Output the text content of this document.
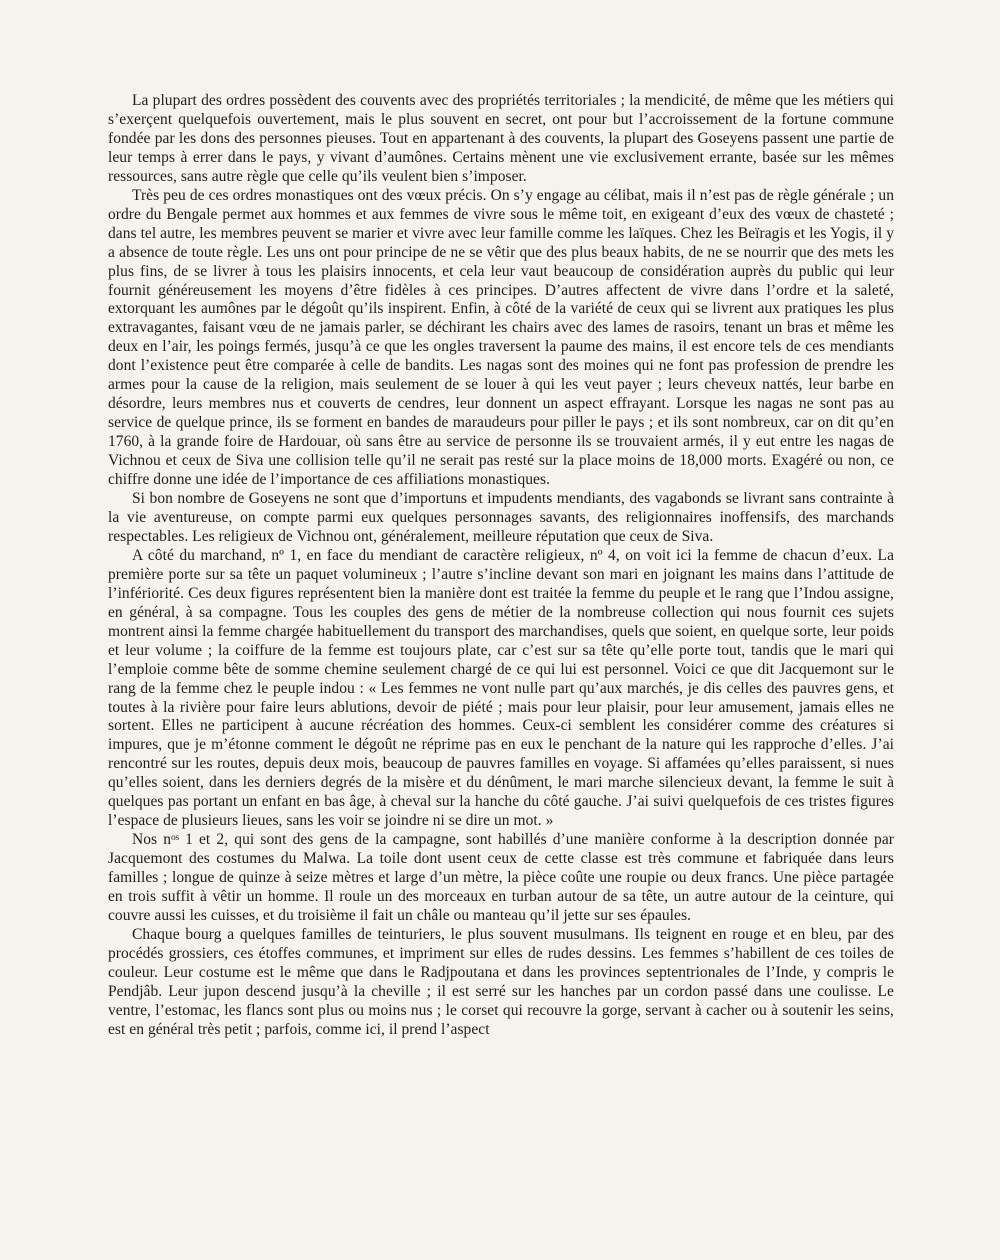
La plupart des ordres possèdent des couvents avec des propriétés territoriales ; la mendicité, de même que les métiers qui s’exerçent quelquefois ouvertement, mais le plus souvent en secret, ont pour but l’accroissement de la fortune commune fondée par les dons des personnes pieuses. Tout en appartenant à des couvents, la plupart des Goseyens passent une partie de leur temps à errer dans le pays, y vivant d’aumônes. Certains mènent une vie exclusivement errante, basée sur les mêmes ressources, sans autre règle que celle qu’ils veulent bien s’imposer.

Très peu de ces ordres monastiques ont des vœux précis. On s’y engage au célibat, mais il n’est pas de règle générale ; un ordre du Bengale permet aux hommes et aux femmes de vivre sous le même toit, en exigeant d’eux des vœux de chasteté ; dans tel autre, les membres peuvent se marier et vivre avec leur famille comme les laïques. Chez les Beïragis et les Yogis, il y a absence de toute règle. Les uns ont pour principe de ne se vêtir que des plus beaux habits, de ne se nourrir que des mets les plus fins, de se livrer à tous les plaisirs innocents, et cela leur vaut beaucoup de considération auprès du public qui leur fournit généreusement les moyens d’être fidèles à ces principes. D’autres affectent de vivre dans l’ordre et la saleté, extorquant les aumônes par le dégoût qu’ils inspirent. Enfin, à côté de la variété de ceux qui se livrent aux pratiques les plus extravagantes, faisant vœu de ne jamais parler, se déchirant les chairs avec des lames de rasoirs, tenant un bras et même les deux en l’air, les poings fermés, jusqu’à ce que les ongles traversent la paume des mains, il est encore tels de ces mendiants dont l’existence peut être comparée à celle de bandits. Les nagas sont des moines qui ne font pas profession de prendre les armes pour la cause de la religion, mais seulement de se louer à qui les veut payer ; leurs cheveux nattés, leur barbe en désordre, leurs membres nus et couverts de cendres, leur donnent un aspect effrayant. Lorsque les nagas ne sont pas au service de quelque prince, ils se forment en bandes de maraudeurs pour piller le pays ; et ils sont nombreux, car on dit qu’en 1760, à la grande foire de Hardouar, où sans être au service de personne ils se trouvaient armés, il y eut entre les nagas de Vichnou et ceux de Siva une collision telle qu’il ne serait pas resté sur la place moins de 18,000 morts. Exagéré ou non, ce chiffre donne une idée de l’importance de ces affiliations monastiques.

Si bon nombre de Goseyens ne sont que d’importuns et impudents mendiants, des vagabonds se livrant sans contrainte à la vie aventureuse, on compte parmi eux quelques personnages savants, des religionnaires inoffensifs, des marchands respectables. Les religieux de Vichnou ont, généralement, meilleure réputation que ceux de Siva.

A côté du marchand, nº 1, en face du mendiant de caractère religieux, nº 4, on voit ici la femme de chacun d’eux. La première porte sur sa tête un paquet volumineux ; l’autre s’incline devant son mari en joignant les mains dans l’attitude de l’infériorité. Ces deux figures représentent bien la manière dont est traitée la femme du peuple et le rang que l’Indou assigne, en général, à sa compagne. Tous les couples des gens de métier de la nombreuse collection qui nous fournit ces sujets montrent ainsi la femme chargée habituellement du transport des marchandises, quels que soient, en quelque sorte, leur poids et leur volume ; la coiffure de la femme est toujours plate, car c’est sur sa tête qu’elle porte tout, tandis que le mari qui l’emploie comme bête de somme chemine seulement chargé de ce qui lui est personnel. Voici ce que dit Jacquemont sur le rang de la femme chez le peuple indou : « Les femmes ne vont nulle part qu’aux marchés, je dis celles des pauvres gens, et toutes à la rivière pour faire leurs ablutions, devoir de piété ; mais pour leur plaisir, pour leur amusement, jamais elles ne sortent. Elles ne participent à aucune récréation des hommes. Ceux-ci semblent les considérer comme des créatures si impures, que je m’étonne comment le dégoût ne réprime pas en eux le penchant de la nature qui les rapproche d’elles. J’ai rencontré sur les routes, depuis deux mois, beaucoup de pauvres familles en voyage. Si affamées qu’elles paraissent, si nues qu’elles soient, dans les derniers degrés de la misère et du dénûment, le mari marche silencieux devant, la femme le suit à quelques pas portant un enfant en bas âge, à cheval sur la hanche du côté gauche. J’ai suivi quelquefois de ces tristes figures l’espace de plusieurs lieues, sans les voir se joindre ni se dire un mot. »

Nos nᵒˢ 1 et 2, qui sont des gens de la campagne, sont habillés d’une manière conforme à la description donnée par Jacquemont des costumes du Malwa. La toile dont usent ceux de cette classe est très commune et fabriquée dans leurs familles ; longue de quinze à seize mètres et large d’un mètre, la pièce coûte une roupie ou deux francs. Une pièce partagée en trois suffit à vêtir un homme. Il roule un des morceaux en turban autour de sa tête, un autre autour de la ceinture, qui couvre aussi les cuisses, et du troisième il fait un châle ou manteau qu’il jette sur ses épaules.

Chaque bourg a quelques familles de teinturiers, le plus souvent musulmans. Ils teignent en rouge et en bleu, par des procédés grossiers, ces étoffes communes, et impriment sur elles de rudes dessins. Les femmes s’habillent de ces toiles de couleur. Leur costume est le même que dans le Radjpoutana et dans les provinces septentrionales de l’Inde, y compris le Pendjâb. Leur jupon descend jusqu’à la cheville ; il est serré sur les hanches par un cordon passé dans une coulisse. Le ventre, l’estomac, les flancs sont plus ou moins nus ; le corset qui recouvre la gorge, servant à cacher ou à soutenir les seins, est en général très petit ; parfois, comme ici, il prend l’aspect
